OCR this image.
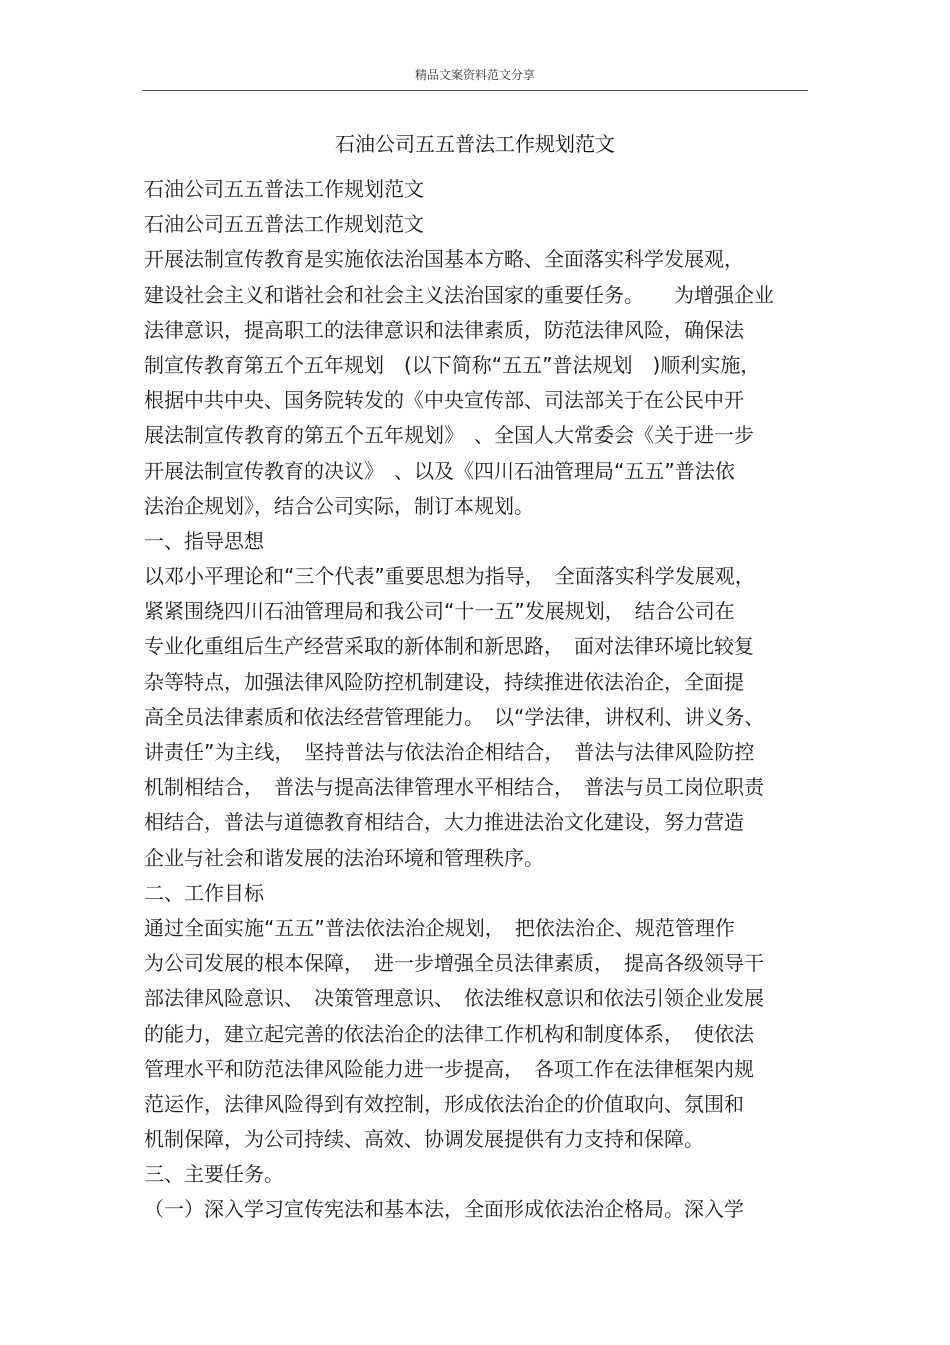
精品文案资料范文分享
石油公司五五普法工作规划范文
石油公司五五普法工作规划范文
石油公司五五普法工作规划范文
开展法制宣传教育是实施依法治国基本方略、全面落实科学发展观，
建设社会主义和谐社会和社会主义法治国家的重要任务。　　为增强企业
法律意识，提高职工的法律意识和法律素质，防范法律风险，确保法
制宣传教育第五个五年规划　(以下简称“五五”普法规划　)顺利实施，
根据中共中央、国务院转发的《中央宣传部、司法部关于在公民中开
展法制宣传教育的第五个五年规划》　、全国人大常委会《关于进一步
开展法制宣传教育的决议》　、以及《四川石油管理局“五五”普法依
法治企规划》，结合公司实际，制订本规划。
一、指导思想
以邓小平理论和“三个代表”重要思想为指导，　全面落实科学发展观，
紧紧围绕四川石油管理局和我公司“十一五”发展规划，　结合公司在
专业化重组后生产经营采取的新体制和新思路，　面对法律环境比较复
杂等特点，加强法律风险防控机制建设，持续推进依法治企，全面提
高全员法律素质和依法经营管理能力。　以“学法律，讲权利、讲义务、
讲责任”为主线，　坚持普法与依法治企相结合，　普法与法律风险防控
机制相结合，　普法与提高法律管理水平相结合，　普法与员工岗位职责
相结合，普法与道德教育相结合，大力推进法治文化建设，努力营造
企业与社会和谐发展的法治环境和管理秩序。
二、工作目标
通过全面实施“五五”普法依法治企规划，　把依法治企、规范管理作
为公司发展的根本保障，　进一步增强全员法律素质，　提高各级领导干
部法律风险意识、　决策管理意识、　依法维权意识和依法引领企业发展
的能力，建立起完善的依法治企的法律工作机构和制度体系，　使依法
管理水平和防范法律风险能力进一步提高，　各项工作在法律框架内规
范运作，法律风险得到有效控制，形成依法治企的价值取向、氛围和
机制保障，为公司持续、高效、协调发展提供有力支持和保障。
三、主要任务。
（一）深入学习宣传宪法和基本法，全面形成依法治企格局。深入学
